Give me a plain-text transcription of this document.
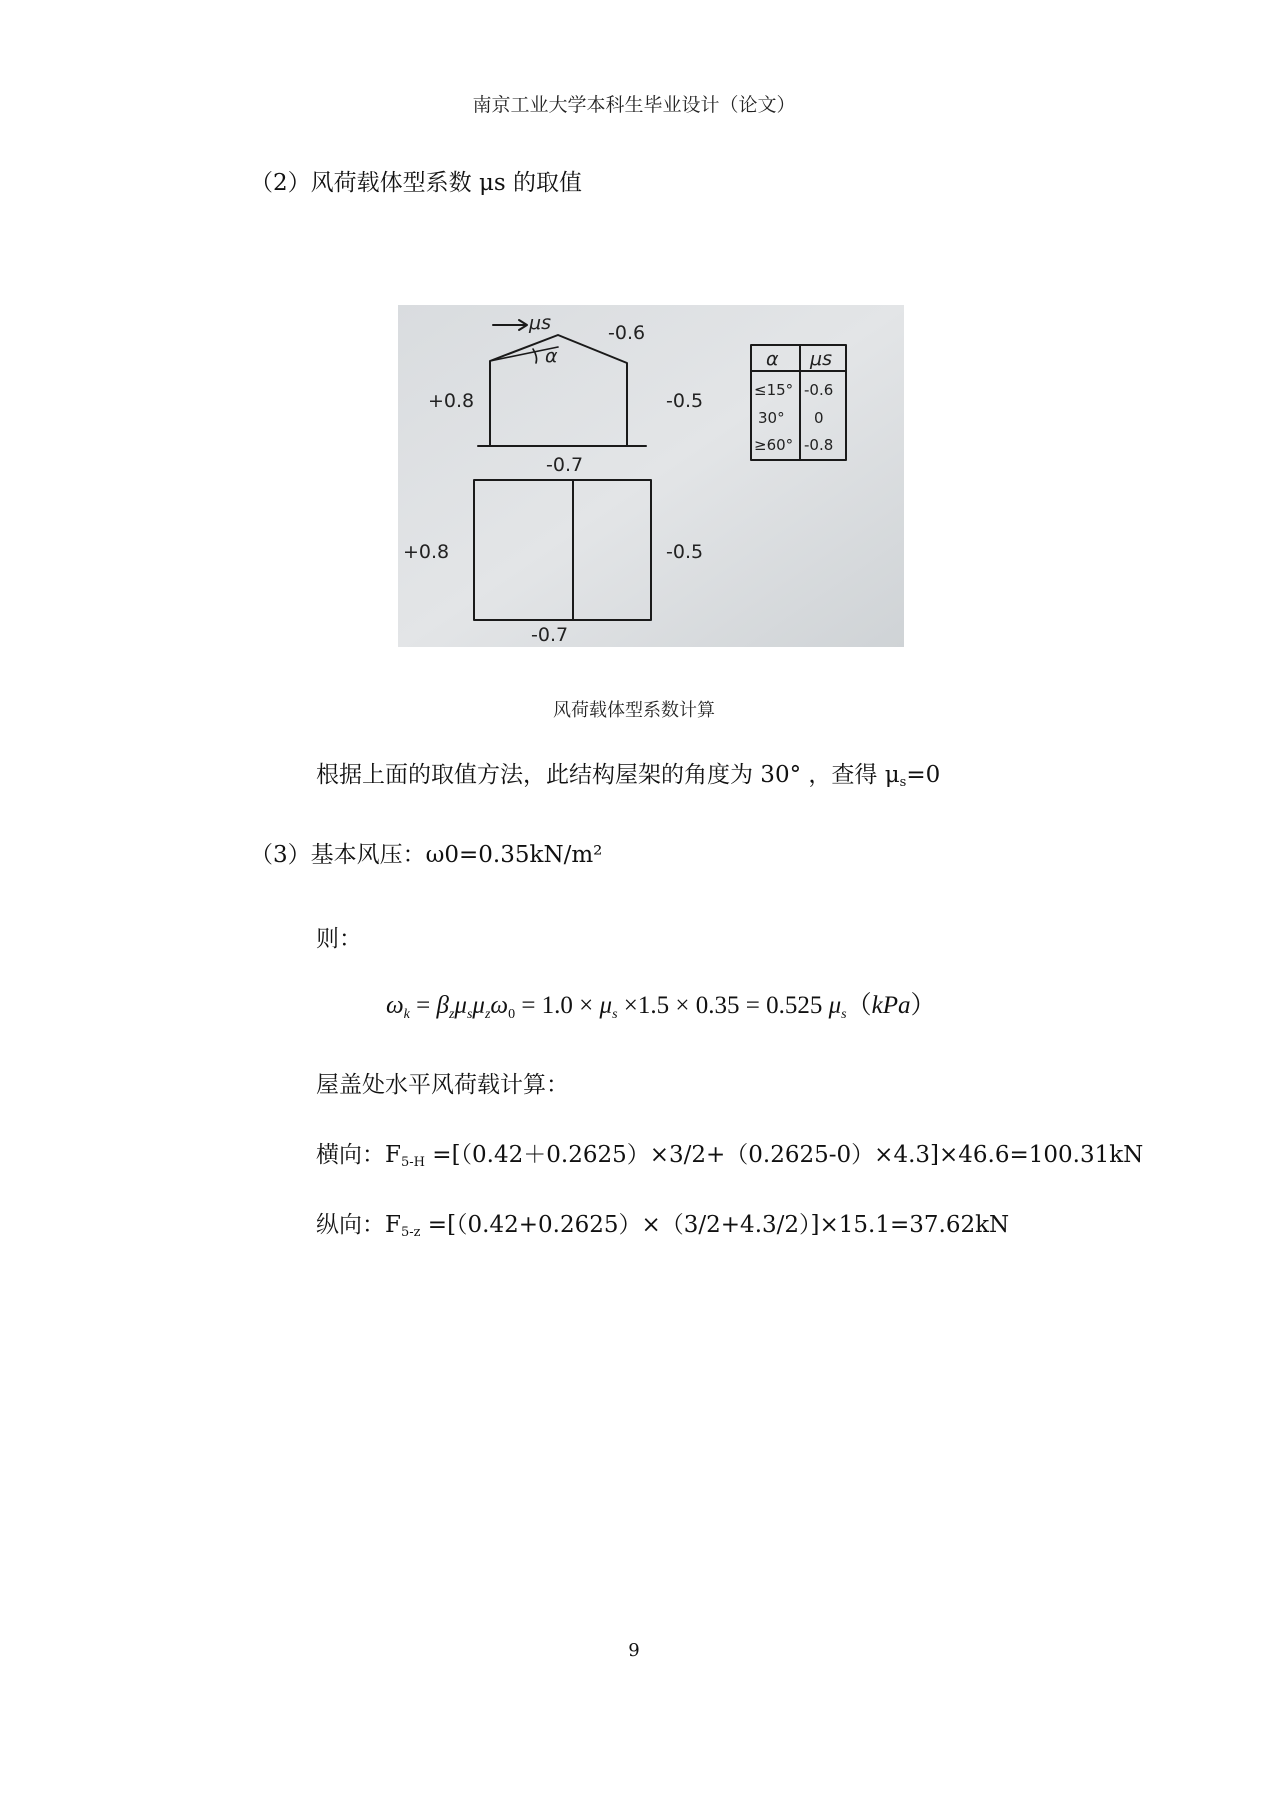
南京工业大学本科生毕业设计（论文）
（2）风荷载体型系数 μs 的取值
μs
α
-0.6
+0.8	-0.5
-0.7
+0.8	-0.5
-0.7
α μs
≤15° -0.6
30° 0
≥60° -0.8
风荷载体型系数计算
根据上面的取值方法，此结构屋架的角度为 30° ，查得 μs=0
（3）基本风压：ω0=0.35kN/m²
则：
$\omega_k = \beta_z\mu_s\mu_z\omega_0 = 1.0 \times \mu_s \times 1.5 \times 0.35 = 0.525$ $\mu_s(kPa)$
屋盖处水平风荷载计算：
横向：F5-H =[（0.42＋0.2625）×3/2+（0.2625-0）×4.3]×46.6=100.31kN
纵向：F5-z =[（0.42+0.2625）×（3/2+4.3/2）]×15.1=37.62kN
9
